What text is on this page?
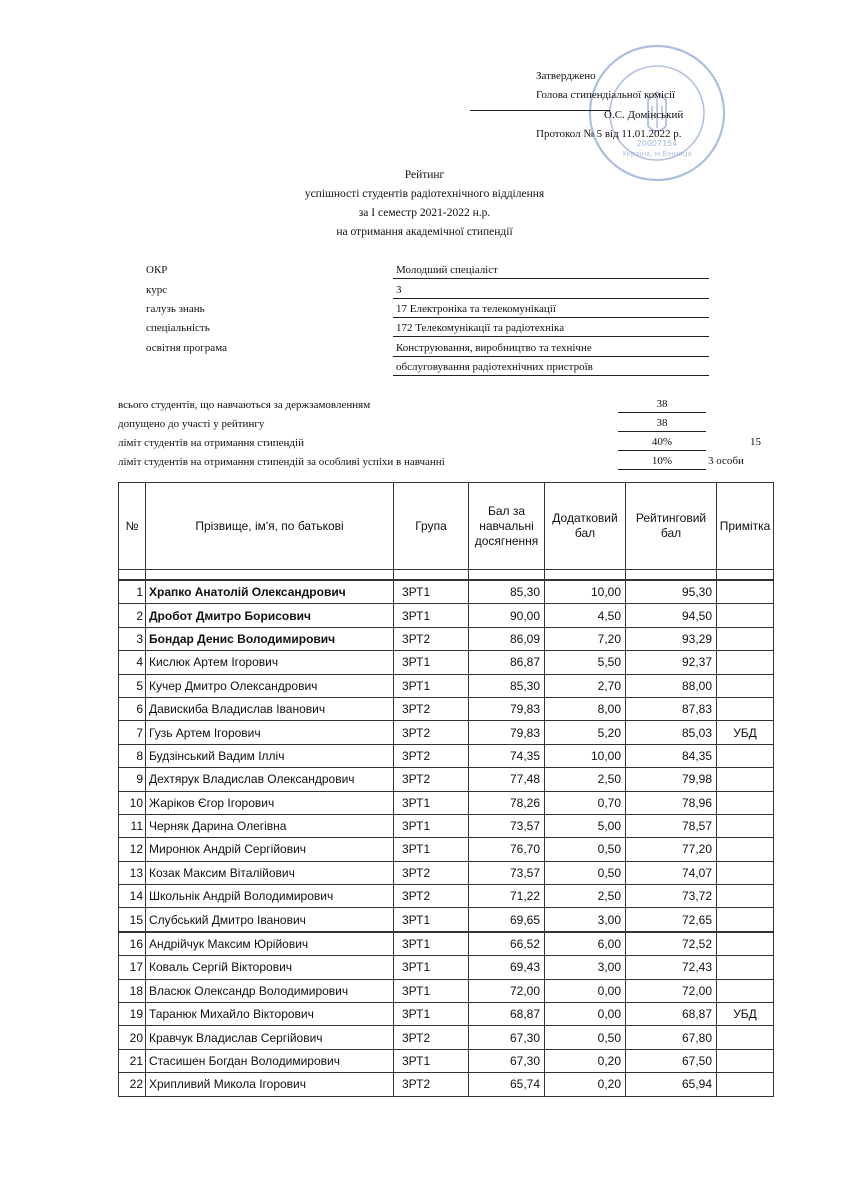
20007154
Україна, м.Вінниця
Затверджено
Голова стипендіальної комісії
О.С. Домінський
Протокол № 5 від 11.01.2022 р.
Рейтинг
успішності студентів радіотехнічного відділення
за І семестр 2021-2022 н.р.
на отримання академічної стипендії
ОКР	Молодший спеціаліст
курс	3
галузь знань	17 Електроніка та телекомунікації
спеціальність	172 Телекомунікації та радіотехніка
освітня програма	Конструювання, виробництво та технічне
обслуговування радіотехнічних пристроїв
всього студентів, що навчаються за держзамовленням	38
допущено до участі у рейтингу	38
ліміт студентів на отримання стипендій	40%	15
ліміт студентів на отримання стипендій за особливі успіхи в навчанні	10%	3 особи
№	Прізвище, ім'я, по батькові	Група	Бал за навчальні досягнення	Додатковий бал	Рейтинговий бал	Примітка

1	Храпко Анатолій Олександрович	3РТ1	85,30	10,00	95,30	
2	Дробот Дмитро Борисович	3РТ1	90,00	4,50	94,50	
3	Бондар Денис Володимирович	3РТ2	86,09	7,20	93,29	
4	Кислюк Артем Ігорович	3РТ1	86,87	5,50	92,37	
5	Кучер Дмитро Олександрович	3РТ1	85,30	2,70	88,00	
6	Давискиба Владислав Іванович	3РТ2	79,83	8,00	87,83	
7	Гузь Артем Ігорович	3РТ2	79,83	5,20	85,03	УБД
8	Будзінський Вадим Ілліч	3РТ2	74,35	10,00	84,35	
9	Дехтярук Владислав Олександрович	3РТ2	77,48	2,50	79,98	
10	Жаріков Єгор Ігорович	3РТ1	78,26	0,70	78,96	
11	Черняк Дарина Олегівна	3РТ1	73,57	5,00	78,57	
12	Миронюк Андрій Сергійович	3РТ1	76,70	0,50	77,20	
13	Козак Максим Віталійович	3РТ2	73,57	0,50	74,07	
14	Школьнік Андрій Володимирович	3РТ2	71,22	2,50	73,72	
15	Слубський Дмитро Іванович	3РТ1	69,65	3,00	72,65	
16	Андрійчук Максим Юрійович	3РТ1	66,52	6,00	72,52	
17	Коваль Сергій Вікторович	3РТ1	69,43	3,00	72,43	
18	Власюк Олександр Володимирович	3РТ1	72,00	0,00	72,00	
19	Таранюк Михайло Вікторович	3РТ1	68,87	0,00	68,87	УБД
20	Кравчук Владислав Сергійович	3РТ2	67,30	0,50	67,80	
21	Стасишен Богдан Володимирович	3РТ1	67,30	0,20	67,50	
22	Хрипливий Микола Ігорович	3РТ2	65,74	0,20	65,94	
